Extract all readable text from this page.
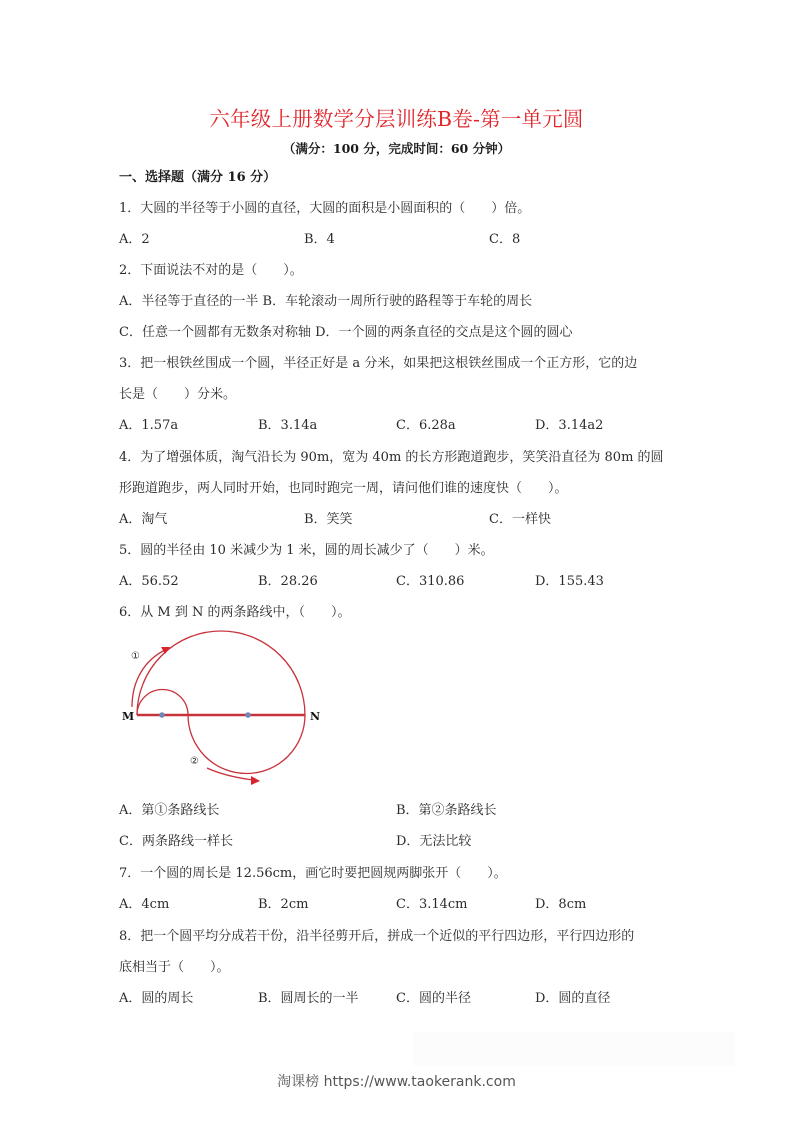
六年级上册数学分层训练B卷-第一单元圆
（满分：100 分，完成时间：60 分钟）
一、选择题（满分 16 分）
1．大圆的半径等于小圆的直径，大圆的面积是小圆面积的（　　）倍。
A．2	B．4	C．8
2．下面说法不对的是（　　）。
A．半径等于直径的一半 B．车轮滚动一周所行驶的路程等于车轮的周长
C．任意一个圆都有无数条对称轴 D．一个圆的两条直径的交点是这个圆的圆心
3．把一根铁丝围成一个圆，半径正好是 a 分米，如果把这根铁丝围成一个正方形，它的边
长是（　　）分米。
A．1.57a	B．3.14a	C．6.28a	D．3.14a2
4．为了增强体质，淘气沿长为 90m，宽为 40m 的长方形跑道跑步，笑笑沿直径为 80m 的圆
形跑道跑步，两人同时开始，也同时跑完一周，请问他们谁的速度快（　　）。
A．淘气	B．笑笑	C．一样快
5．圆的半径由 10 米减少为 1 米，圆的周长减少了（　　）米。
A．56.52	B．28.26	C．310.86	D．155.43
6．从 M 到 N 的两条路线中，（　　）。
M	N
①
②
A．第①条路线长	B．第②条路线长
C．两条路线一样长	D．无法比较
7．一个圆的周长是 12.56cm，画它时要把圆规两脚张开（　　）。
A．4cm	B．2cm	C．3.14cm	D．8cm
8．把一个圆平均分成若干份，沿半径剪开后，拼成一个近似的平行四边形，平行四边形的
底相当于（　　）。
A．圆的周长	B．圆周长的一半	C．圆的半径	D．圆的直径
淘课榜 https://www.taokerank.com
